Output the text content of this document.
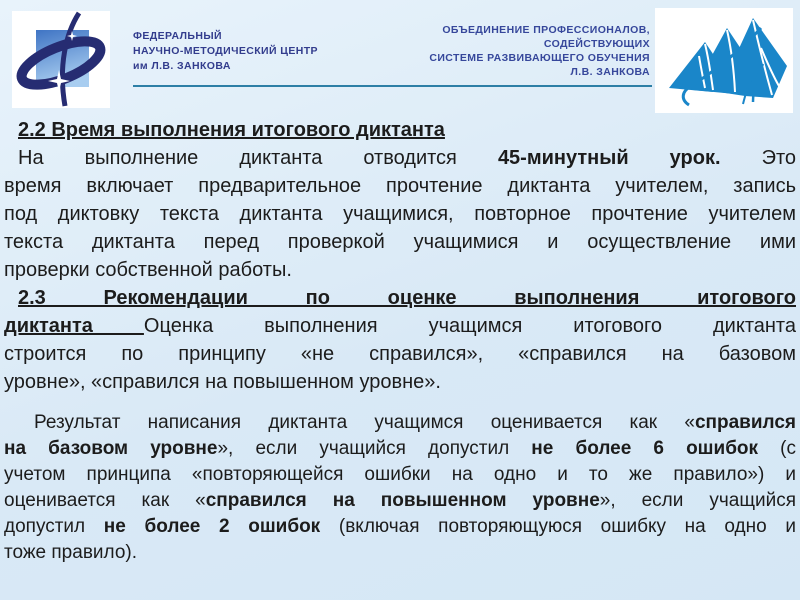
ФЕДЕРАЛЬНЫЙ
НАУЧНО-МЕТОДИЧЕСКИЙ ЦЕНТР
им Л.В. ЗАНКОВА
ОБЪЕДИНЕНИЕ ПРОФЕССИОНАЛОВ,
СОДЕЙСТВУЮЩИХ
СИСТЕМЕ РАЗВИВАЮЩЕГО ОБУЧЕНИЯ
Л.В. ЗАНКОВА
2.2 Время выполнения итогового диктанта
На выполнение диктанта отводится 45-минутный урок. Это
время включает предварительное прочтение диктанта учителем, запись
под диктовку текста диктанта учащимися, повторное прочтение учителем
текста диктанта перед проверкой учащимися и осуществление ими
проверки собственной работы.
2.3 Рекомендации по оценке выполнения итогового
диктанта Оценка выполнения учащимся итогового диктанта
строится по принципу «не справился», «справился на базовом
уровне», «справился на повышенном уровне».
Результат написания диктанта учащимся оценивается как «справился
на базовом уровне», если учащийся допустил не более 6 ошибок (с
учетом принципа «повторяющейся ошибки на одно и то же правило») и
оценивается как «справился на повышенном уровне», если учащийся
допустил не более 2 ошибок (включая повторяющуюся ошибку на одно и
тоже правило).
